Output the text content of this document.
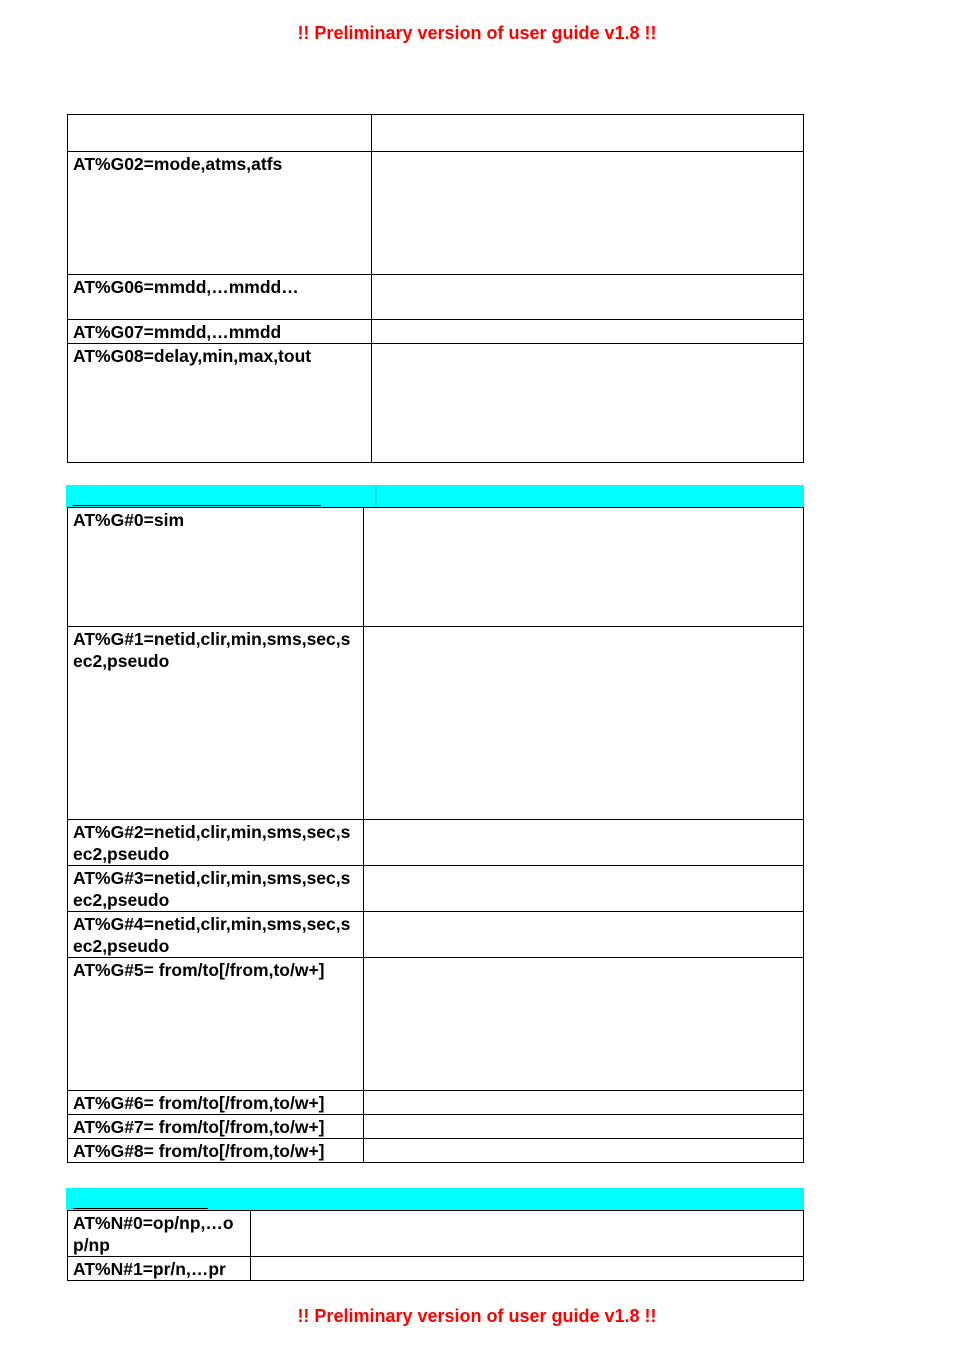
!! Preliminary version of user guide v1.8 !!

AT%G02=mode,atms,atfs	
AT%G06=mmdd,…mmdd…	
AT%G07=mmdd,…mmdd	
AT%G08=delay,min,max,tout	
AT%G#0=sim	
AT%G#1=netid,clir,min,sms,sec,sec2,pseudo	
AT%G#2=netid,clir,min,sms,sec,sec2,pseudo	
AT%G#3=netid,clir,min,sms,sec,sec2,pseudo	
AT%G#4=netid,clir,min,sms,sec,sec2,pseudo	
AT%G#5= from/to[/from,to/w+]	
AT%G#6= from/to[/from,to/w+]	
AT%G#7= from/to[/from,to/w+]	
AT%G#8= from/to[/from,to/w+]	
AT%N#0=op/np,…op/np	
AT%N#1=pr/n,…pr	
!! Preliminary version of user guide v1.8 !!
